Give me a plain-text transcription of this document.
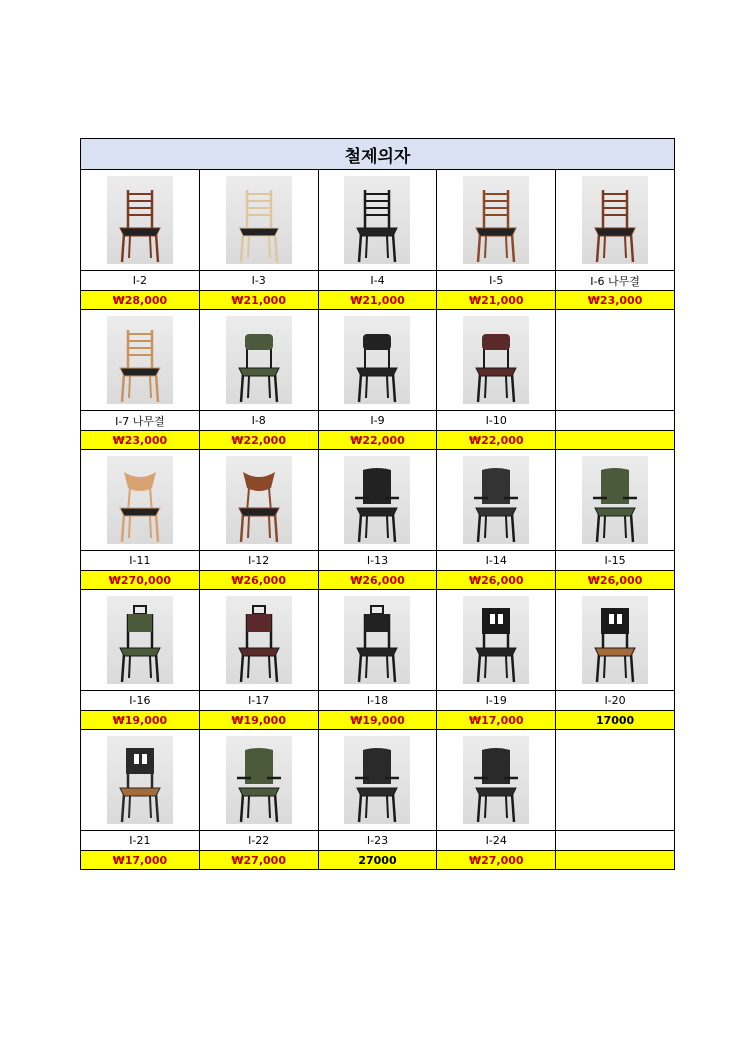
철제의자
I-2
₩28,000
I-3
₩21,000
I-4
₩21,000
I-5
₩21,000
I-6 나무결
₩23,000
I-7 나무결
₩23,000
I-8
₩22,000
I-9
₩22,000
I-10
₩22,000
I-11
₩270,000
I-12
₩26,000
I-13
₩26,000
I-14
₩26,000
I-15
₩26,000
I-16
₩19,000
I-17
₩19,000
I-18
₩19,000
I-19
₩17,000
I-20
17000
I-21
₩17,000
I-22
₩27,000
I-23
27000
I-24
₩27,000
